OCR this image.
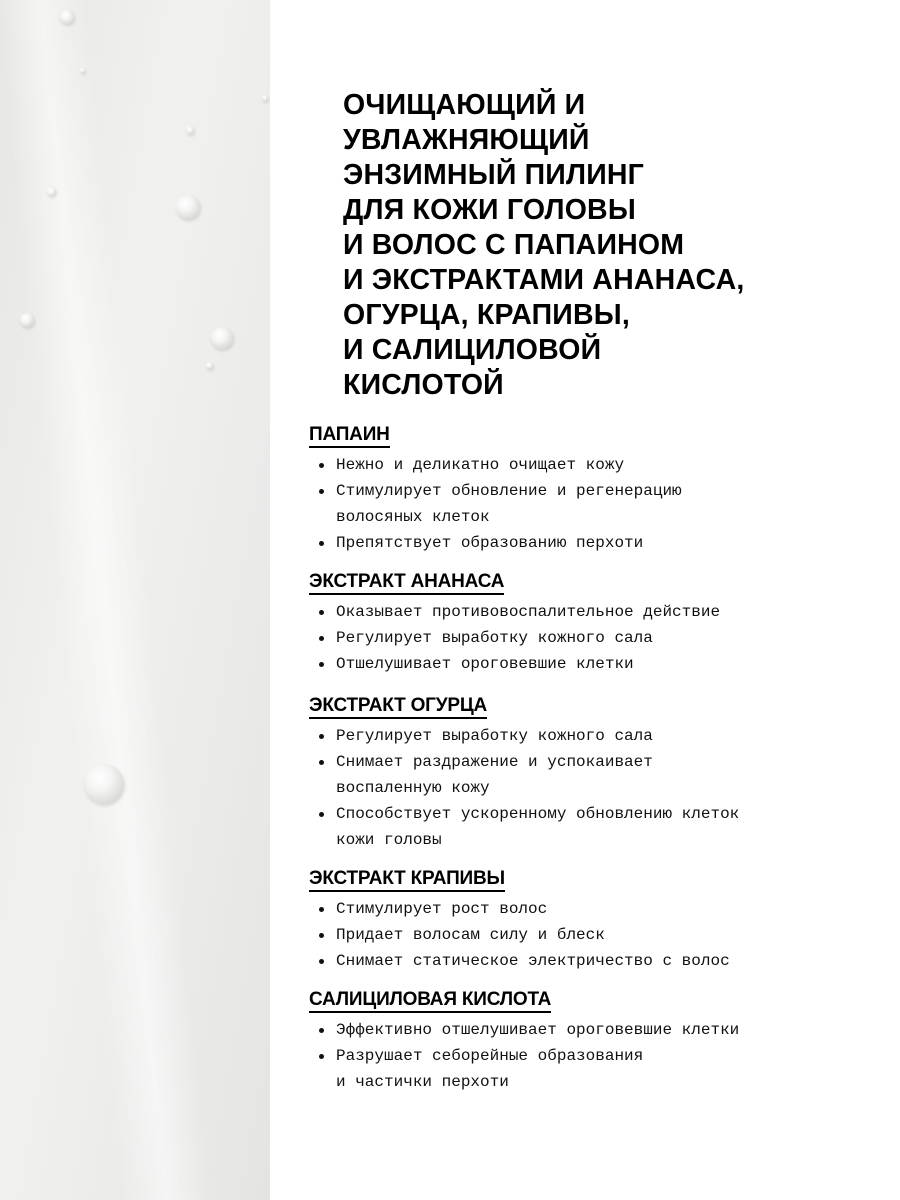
ОЧИЩАЮЩИЙ И
УВЛАЖНЯЮЩИЙ
ЭНЗИМНЫЙ ПИЛИНГ
ДЛЯ КОЖИ ГОЛОВЫ
И ВОЛОС С ПАПАИНОМ
И ЭКСТРАКТАМИ АНАНАСА,
ОГУРЦА, КРАПИВЫ,
И САЛИЦИЛОВОЙ
КИСЛОТОЙ
ПАПАИН
Нежно и деликатно очищает кожу
Стимулирует обновление и регенерацию
волосяных клеток
Препятствует образованию перхоти
ЭКСТРАКТ АНАНАСА
Оказывает противовоспалительное действие
Регулирует выработку кожного сала
Отшелушивает ороговевшие клетки
ЭКСТРАКТ ОГУРЦА
Регулирует выработку кожного сала
Снимает раздражение и успокаивает
воспаленную кожу
Способствует ускоренному обновлению клеток
кожи головы
ЭКСТРАКТ КРАПИВЫ
Стимулирует рост волос
Придает волосам силу и блеск
Снимает статическое электричество с волос
САЛИЦИЛОВАЯ КИСЛОТА
Эффективно отшелушивает ороговевшие клетки
Разрушает себорейные образования
и частички перхоти
